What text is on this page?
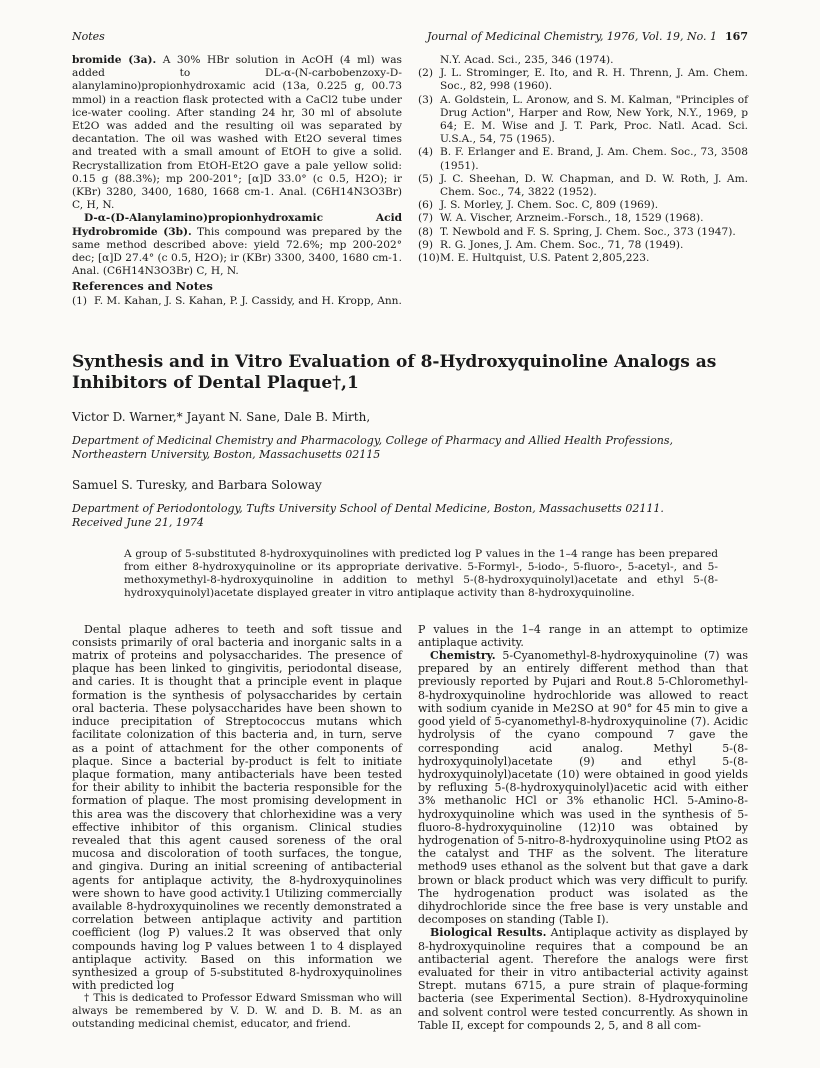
Notes	Journal of Medicinal Chemistry, 1976, Vol. 19, No. 1 167

bromide (3a). A 30% HBr solution in AcOH (4 ml) was added to DL-α-(N-carbobenzoxy-D-alanylamino)propionhydroxamic acid (13a, 0.225 g, 00.73 mmol) in a reaction flask protected with a CaCl2 tube under ice-water cooling. After standing 24 hr, 30 ml of absolute Et2O was added and the resulting oil was separated by decantation. The oil was washed with Et2O several times and treated with a small amount of EtOH to give a solid. Recrystallization from EtOH-Et2O gave a pale yellow solid: 0.15 g (88.3%); mp 200-201°; [α]D 33.0° (c 0.5, H2O); ir (KBr) 3280, 3400, 1680, 1668 cm-1. Anal. (C6H14N3O3Br) C, H, N.

D-α-(D-Alanylamino)propionhydroxamic Acid Hydrobromide (3b). This compound was prepared by the same method described above: yield 72.6%; mp 200-202° dec; [α]D 27.4° (c 0.5, H2O); ir (KBr) 3300, 3400, 1680 cm-1. Anal. (C6H14N3O3Br) C, H, N.

References and Notes
(1) F. M. Kahan, J. S. Kahan, P. J. Cassidy, and H. Kropp, Ann.
N.Y. Acad. Sci., 235, 346 (1974).
(2) J. L. Strominger, E. Ito, and R. H. Threnn, J. Am. Chem. Soc., 82, 998 (1960).
(3) A. Goldstein, L. Aronow, and S. M. Kalman, "Principles of Drug Action", Harper and Row, New York, N.Y., 1969, p 64; E. M. Wise and J. T. Park, Proc. Natl. Acad. Sci. U.S.A., 54, 75 (1965).
(4) B. F. Erlanger and E. Brand, J. Am. Chem. Soc., 73, 3508 (1951).
(5) J. C. Sheehan, D. W. Chapman, and D. W. Roth, J. Am. Chem. Soc., 74, 3822 (1952).
(6) J. S. Morley, J. Chem. Soc. C, 809 (1969).
(7) W. A. Vischer, Arzneim.-Forsch., 18, 1529 (1968).
(8) T. Newbold and F. S. Spring, J. Chem. Soc., 373 (1947).
(9) R. G. Jones, J. Am. Chem. Soc., 71, 78 (1949).
(10) M. E. Hultquist, U.S. Patent 2,805,223.
Synthesis and in Vitro Evaluation of 8-Hydroxyquinoline Analogs as Inhibitors of Dental Plaque†,1
Victor D. Warner,* Jayant N. Sane, Dale B. Mirth,
Department of Medicinal Chemistry and Pharmacology, College of Pharmacy and Allied Health Professions, Northeastern University, Boston, Massachusetts 02115
Samuel S. Turesky, and Barbara Soloway
Department of Periodontology, Tufts University School of Dental Medicine, Boston, Massachusetts 02111.
Received June 21, 1974
A group of 5-substituted 8-hydroxyquinolines with predicted log P values in the 1–4 range has been prepared from either 8-hydroxyquinoline or its appropriate derivative. 5-Formyl-, 5-iodo-, 5-fluoro-, 5-acetyl-, and 5-methoxymethyl-8-hydroxyquinoline in addition to methyl 5-(8-hydroxyquinolyl)acetate and ethyl 5-(8-hydroxyquinolyl)acetate displayed greater in vitro antiplaque activity than 8-hydroxyquinoline.

Dental plaque adheres to teeth and soft tissue and consists primarily of oral bacteria and inorganic salts in a matrix of proteins and polysaccharides. The presence of plaque has been linked to gingivitis, periodontal disease, and caries. It is thought that a principle event in plaque formation is the synthesis of polysaccharides by certain oral bacteria. These polysaccharides have been shown to induce precipitation of Streptococcus mutans which facilitate colonization of this bacteria and, in turn, serve as a point of attachment for the other components of plaque. Since a bacterial by-product is felt to initiate plaque formation, many antibacterials have been tested for their ability to inhibit the bacteria responsible for the formation of plaque. The most promising development in this area was the discovery that chlorhexidine was a very effective inhibitor of this organism. Clinical studies revealed that this agent caused soreness of the oral mucosa and discoloration of tooth surfaces, the tongue, and gingiva. During an initial screening of antibacterial agents for antiplaque activity, the 8-hydroxyquinolines were shown to have good activity.1 Utilizing commercially available 8-hydroxyquinolines we recently demonstrated a correlation between antiplaque activity and partition coefficient (log P) values.2 It was observed that only compounds having log P values between 1 to 4 displayed antiplaque activity. Based on this information we synthesized a group of 5-substituted 8-hydroxyquinolines with predicted log

† This is dedicated to Professor Edward Smissman who will always be remembered by V. D. W. and D. B. M. as an outstanding medicinal chemist, educator, and friend.

P values in the 1–4 range in an attempt to optimize antiplaque activity.

Chemistry. 5-Cyanomethyl-8-hydroxyquinoline (7) was prepared by an entirely different method than that previously reported by Pujari and Rout.8 5-Chloromethyl-8-hydroxyquinoline hydrochloride was allowed to react with sodium cyanide in Me2SO at 90° for 45 min to give a good yield of 5-cyanomethyl-8-hydroxyquinoline (7). Acidic hydrolysis of the cyano compound 7 gave the corresponding acid analog. Methyl 5-(8-hydroxyquinolyl)acetate (9) and ethyl 5-(8-hydroxyquinolyl)acetate (10) were obtained in good yields by refluxing 5-(8-hydroxyquinolyl)acetic acid with either 3% methanolic HCl or 3% ethanolic HCl. 5-Amino-8-hydroxyquinoline which was used in the synthesis of 5-fluoro-8-hydroxyquinoline (12)10 was obtained by hydrogenation of 5-nitro-8-hydroxyquinoline using PtO2 as the catalyst and THF as the solvent. The literature method9 uses ethanol as the solvent but that gave a dark brown or black product which was very difficult to purify. The hydrogenation product was isolated as the dihydrochloride since the free base is very unstable and decomposes on standing (Table I).

Biological Results. Antiplaque activity as displayed by 8-hydroxyquinoline requires that a compound be an antibacterial agent. Therefore the analogs were first evaluated for their in vitro antibacterial activity against Strept. mutans 6715, a pure strain of plaque-forming bacteria (see Experimental Section). 8-Hydroxyquinoline and solvent control were tested concurrently. As shown in Table II, except for compounds 2, 5, and 8 all com-
